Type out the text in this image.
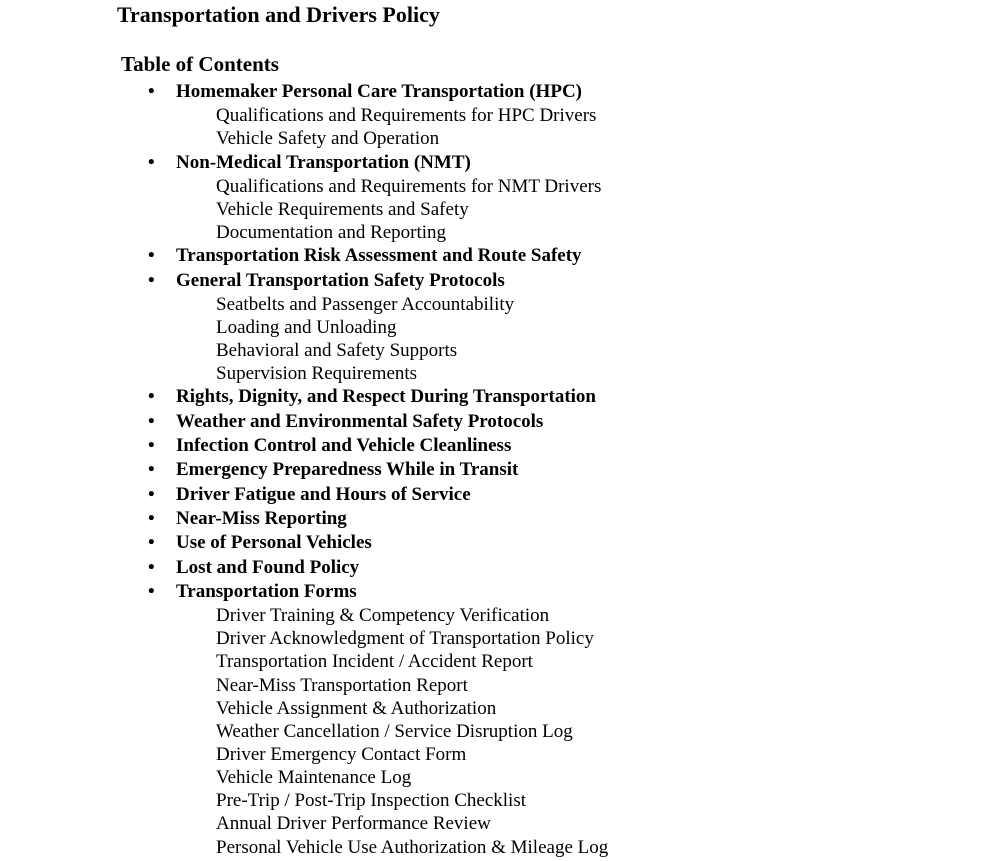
Transportation and Drivers Policy
Table of Contents
• Homemaker Personal Care Transportation (HPC)
Qualifications and Requirements for HPC Drivers
Vehicle Safety and Operation
• Non-Medical Transportation (NMT)
Qualifications and Requirements for NMT Drivers
Vehicle Requirements and Safety
Documentation and Reporting
• Transportation Risk Assessment and Route Safety
• General Transportation Safety Protocols
Seatbelts and Passenger Accountability
Loading and Unloading
Behavioral and Safety Supports
Supervision Requirements
• Rights, Dignity, and Respect During Transportation
• Weather and Environmental Safety Protocols
• Infection Control and Vehicle Cleanliness
• Emergency Preparedness While in Transit
• Driver Fatigue and Hours of Service
• Near-Miss Reporting
• Use of Personal Vehicles
• Lost and Found Policy
• Transportation Forms
Driver Training & Competency Verification
Driver Acknowledgment of Transportation Policy
Transportation Incident / Accident Report
Near-Miss Transportation Report
Vehicle Assignment & Authorization
Weather Cancellation / Service Disruption Log
Driver Emergency Contact Form
Vehicle Maintenance Log
Pre-Trip / Post-Trip Inspection Checklist
Annual Driver Performance Review
Personal Vehicle Use Authorization & Mileage Log
